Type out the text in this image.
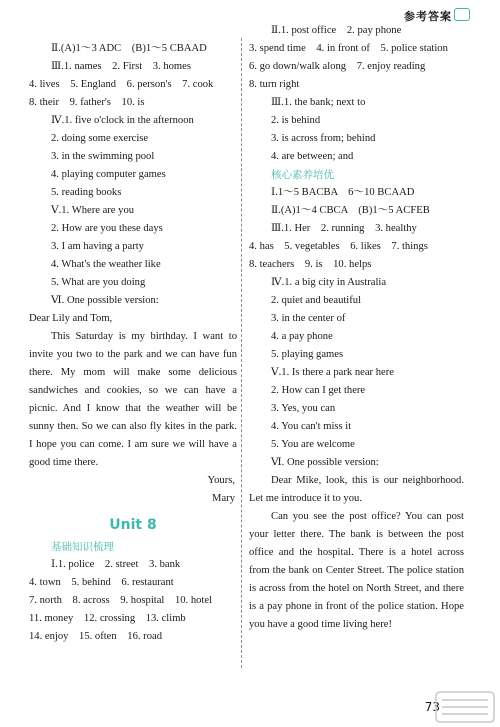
参考答案
Ⅱ.(A)1～3 ADC　(B)1～5 CBAAD
Ⅲ.1. names　2. First　3. homes
4. lives　5. England　6. person's　7. cook
8. their　9. father's　10. is
Ⅳ.1. five o'clock in the afternoon
2. doing some exercise
3. in the swimming pool
4. playing computer games
5. reading books
Ⅴ.1. Where are you
2. How are you these days
3. I am having a party
4. What's the weather like
5. What are you doing
Ⅵ. One possible version:
Dear Lily and Tom,

This Saturday is my birthday. I want to invite you two to the park and we can have fun there. My mom will make some delicious sandwiches and cookies, so we can have a picnic. And I know that the weather will be sunny then. So we can also fly kites in the park. I hope you can come. I am sure we will have a good time there.

Yours,
Mary
Unit 8
基础知识梳理
Ⅰ.1. police　2. street　3. bank
4. town　5. behind　6. restaurant
7. north　8. across　9. hospital　10. hotel
11. money　12. crossing　13. climb
14. enjoy　15. often　16. road
Ⅱ.1. post office　2. pay phone
3. spend time　4. in front of　5. police station
6. go down/walk along　7. enjoy reading
8. turn right
Ⅲ.1. the bank; next to
2. is behind
3. is across from; behind
4. are between; and
核心素养培优
Ⅰ.1～5 BACBA　6～10 BCAAD
Ⅱ.(A)1～4 CBCA　(B)1～5 ACFEB
Ⅲ.1. Her　2. running　3. healthy
4. has　5. vegetables　6. likes　7. things
8. teachers　9. is　10. helps
Ⅳ.1. a big city in Australia
2. quiet and beautiful
3. in the center of
4. a pay phone
5. playing games
Ⅴ.1. Is there a park near here
2. How can I get there
3. Yes, you can
4. You can't miss it
5. You are welcome
Ⅵ. One possible version:

Dear Mike, look, this is our neighborhood. Let me introduce it to you.

Can you see the post office? You can post your letter there. The bank is between the post office and the hospital. There is a hotel across from the bank on Center Street. The police station is across from the hotel on North Street, and there is a pay phone in front of the police station. Hope you have a good time living here!

73
